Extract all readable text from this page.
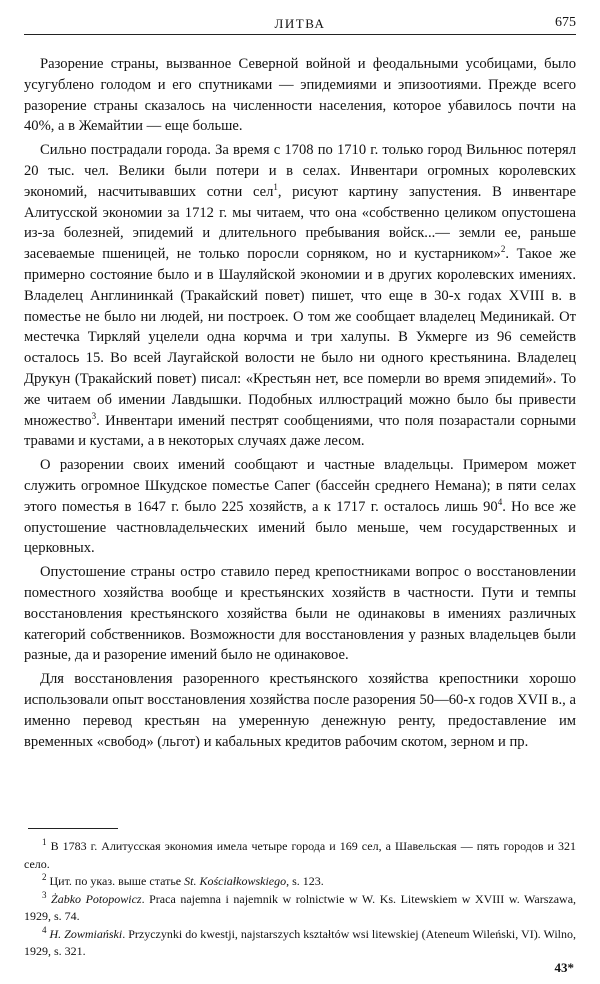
ЛИТВА	675

Разорение страны, вызванное Северной войной и феодальными усобицами, было усугублено голодом и его спутниками — эпидемиями и эпизоотиями. Прежде всего разорение страны сказалось на численности населения, которое убавилось почти на 40%, а в Жемайтии — еще больше.

Сильно пострадали города. За время с 1708 по 1710 г. только город Вильнюс потерял 20 тыс. чел. Велики были потери и в селах. Инвентари огромных королевских экономий, насчитывавших сотни сел$^1$, рисуют картину запустения. В инвентаре Алитусской экономии за 1712 г. мы читаем, что она «собственно целиком опустошена из-за болезней, эпидемий и длительного пребывания войск...— земли ее, раньше засеваемые пшеницей, не только поросли сорняком, но и кустарником»$^2$. Такое же примерно состояние было и в Шауляйской экономии и в других королевских имениях. Владелец Англининкай (Тракайский повет) пишет, что еще в 30-х годах XVIII в. в поместье не было ни людей, ни построек. О том же сообщает владелец Мединикай. От местечка Тиркляй уцелели одна корчма и три халупы. В Укмерге из 96 семейств осталось 15. Во всей Лаугайской волости не было ни одного крестьянина. Владелец Друкун (Тракайский повет) писал: «Крестьян нет, все померли во время эпидемий». То же читаем об имении Лавдышки. Подобных иллюстраций можно было бы привести множество$^3$. Инвентари имений пестрят сообщениями, что поля позарастали сорными травами и кустами, а в некоторых случаях даже лесом.

О разорении своих имений сообщают и частные владельцы. Примером может служить огромное Шкудское поместье Сапег (бассейн среднего Немана); в пяти селах этого поместья в 1647 г. было 225 хозяйств, а к 1717 г. осталось лишь $90^4$. Но все же опустошение частновладельческих имений было меньше, чем государственных и церковных.

Опустошение страны остро ставило перед крепостниками вопрос о восстановлении поместного хозяйства вообще и крестьянских хозяйств в частности. Пути и темпы восстановления крестьянского хозяйства были не одинаковы в имениях различных категорий собственников. Возможности для восстановления у разных владельцев были разные, да и разорение имений было не одинаковое.

Для восстановления разоренного крестьянского хозяйства крепостники хорошо использовали опыт восстановления хозяйства после разорения 50—60-х годов XVII в., а именно перевод крестьян на умеренную денежную ренту, предоставление им временных «свобод» (льгот) и кабальных кредитов рабочим скотом, зерном и пр.

$^1$ В 1783 г. Алитусская экономия имела четыре города и 169 сел, а Шавельская — пять городов и 321 село.

$^2$ Цит. по указ. выше статье St. Kościałkowskiego, s. 123.

$^3$ Żabko Potopowicz. Praca najemna i najemnik w rolnictwie w W. Ks. Litewskiem w XVIII w. Warszawa, 1929, s. 74.

$^4$ H. Zowmiański. Przyczynki do kwestji, najstarszych kształtów wsi litewskiej (Ateneum Wileński, VI). Wilno, 1929, s. 321.

43*
